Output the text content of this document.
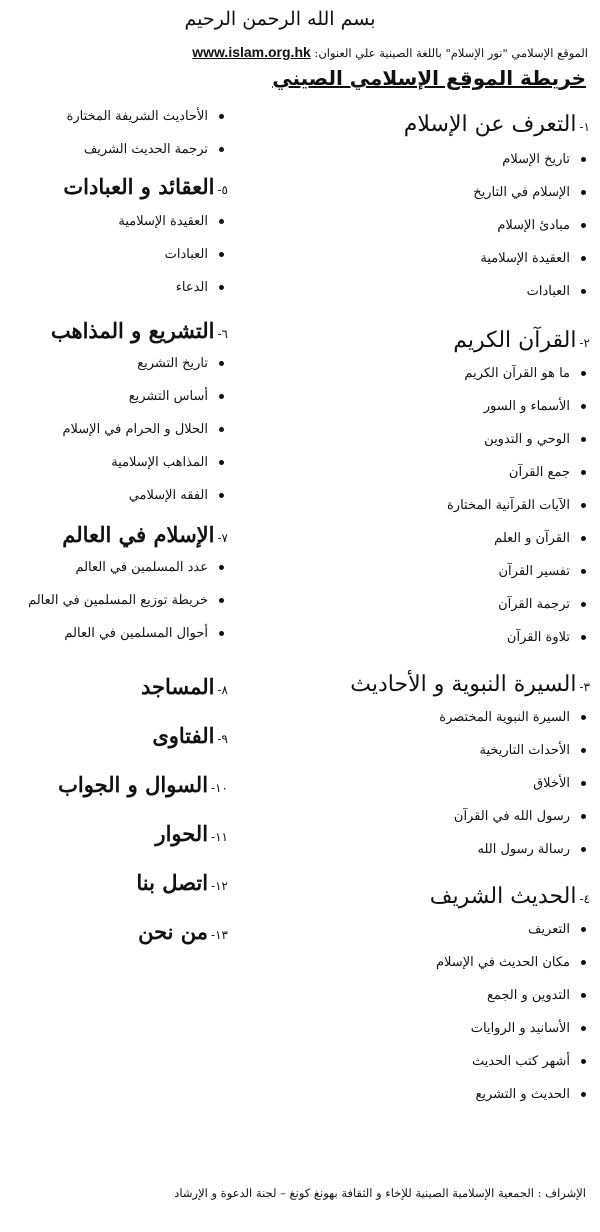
بسم الله الرحمن الرحيم
الموقع الإسلامي "نور الإسلام" باللغة الصينية علي العنوان: www.islam.org.hk
خريطة الموقع الإسلامي الصيني
١-
التعرف عن الإسلام
تاريخ الإسلام
الإسلام في التاريخ
مبادئ الإسلام
العقيدة الإسلامية
العبادات
٢-
القرآن الكريم
ما هو القرآن الكريم
الأسماء و السور
الوحي و التدوين
جمع القرآن
الآيات القرآنية المختارة
القرآن و العلم
تفسير القرآن
ترجمة القرآن
تلاوة القرآن
٣-
السيرة النبوية و الأحاديث
السيرة النبوية المختصرة
الأحداث التاريخية
الأخلاق
رسول الله في القرآن
رسالة رسول الله
٤-
الحديث الشريف
التعريف
مكان الحديث في الإسلام
التدوين و الجمع
الأسانيد و الروايات
أشهر كتب الحديث
الحديث و التشريع
الأحاديث الشريفة المختارة
ترجمة الحديث الشريف
٥-
العقائد و العبادات
العقيدة الإسلامية
العبادات
الدعاء
٦-
التشريع و المذاهب
تاريخ التشريع
أساس التشريع
الحلال و الحرام في الإسلام
المذاهب الإسلامية
الفقه الإسلامي
٧-
الإسلام في العالم
عدد المسلمين في العالم
خريطة توزيع المسلمين في العالم
أحوال المسلمين في العالم
٨-
المساجد
٩-
الفتاوى
١٠-
السوال و الجواب
١١-
الحوار
١٢-
اتصل بنا
١٣-
من نحن
الإشراف : الجمعية الإسلامية الصينية للإخاء و الثقافة بهونغ كونغ – لجنة الدعوة و الإرشاد
